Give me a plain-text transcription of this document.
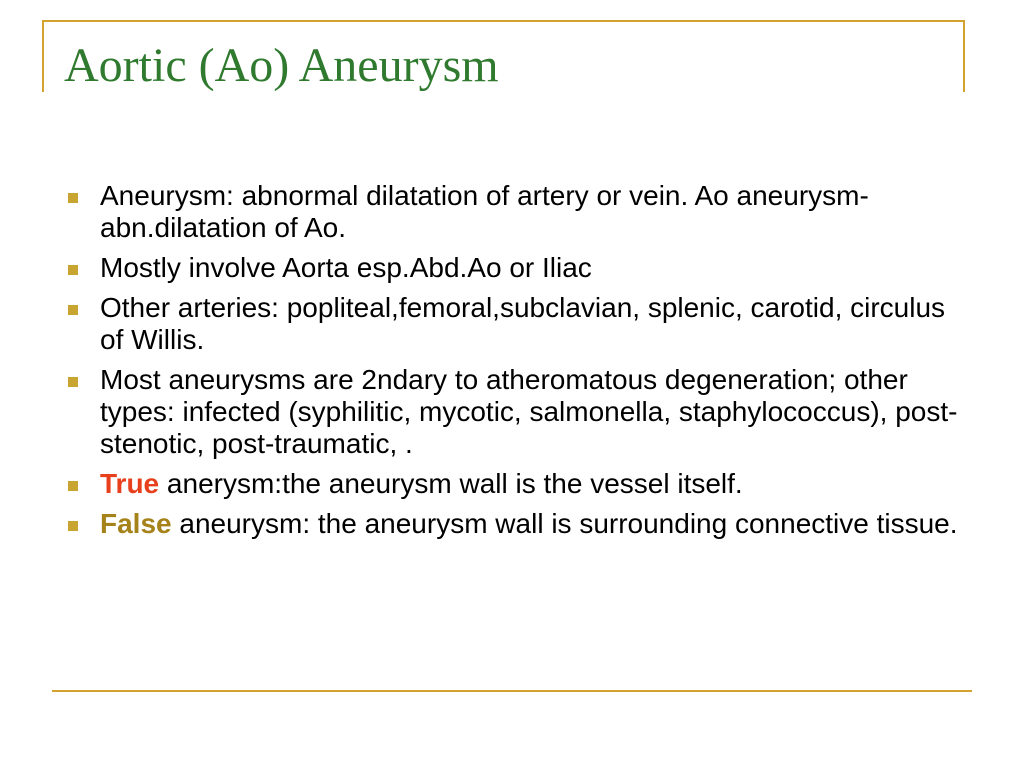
Aortic (Ao) Aneurysm
Aneurysm: abnormal dilatation of artery or vein. Ao aneurysm- abn.dilatation of Ao.
Mostly involve Aorta esp.Abd.Ao or Iliac
Other arteries: popliteal,femoral,subclavian, splenic, carotid, circulus of Willis.
Most aneurysms are 2ndary to atheromatous degeneration; other types: infected (syphilitic, mycotic, salmonella, staphylococcus), post-stenotic, post-traumatic, .
True anerysm:the aneurysm wall is the vessel itself.
False aneurysm: the aneurysm wall is surrounding connective tissue.
